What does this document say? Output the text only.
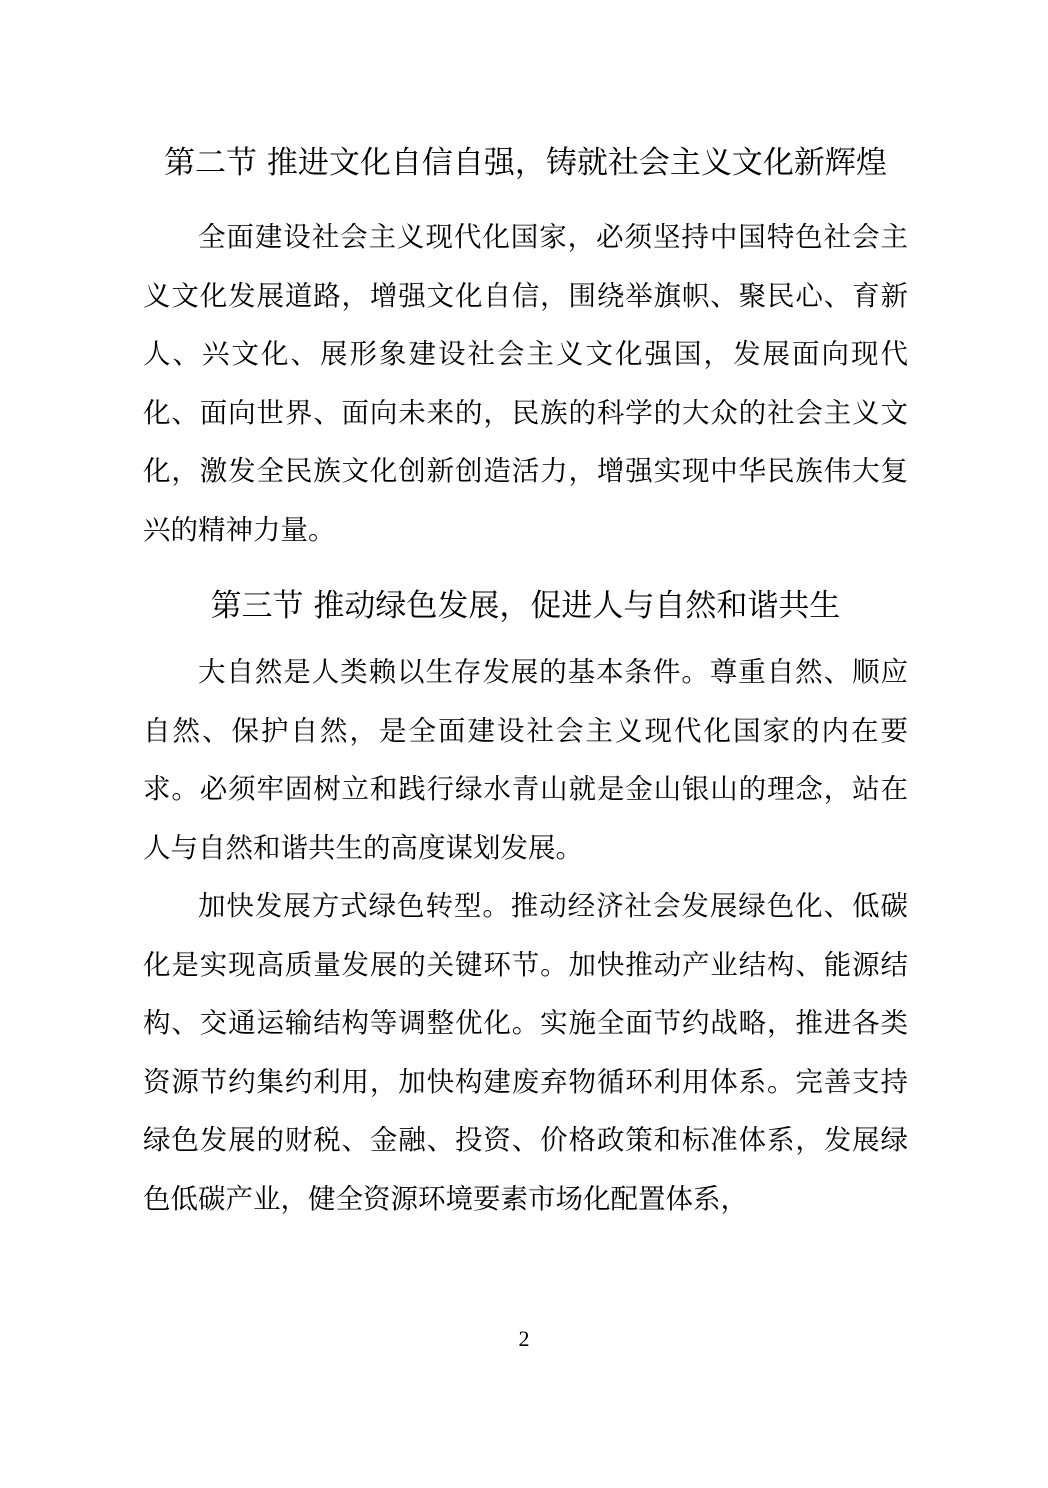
第二节 推进文化自信自强，铸就社会主义文化新辉煌

全面建设社会主义现代化国家，必须坚持中国特色社会主义文化发展道路，增强文化自信，围绕举旗帜、聚民心、育新人、兴文化、展形象建设社会主义文化强国，发展面向现代化、面向世界、面向未来的，民族的科学的大众的社会主义文化，激发全民族文化创新创造活力，增强实现中华民族伟大复兴的精神力量。

第三节 推动绿色发展，促进人与自然和谐共生

大自然是人类赖以生存发展的基本条件。尊重自然、顺应自然、保护自然，是全面建设社会主义现代化国家的内在要求。必须牢固树立和践行绿水青山就是金山银山的理念，站在人与自然和谐共生的高度谋划发展。

加快发展方式绿色转型。推动经济社会发展绿色化、低碳化是实现高质量发展的关键环节。加快推动产业结构、能源结构、交通运输结构等调整优化。实施全面节约战略，推进各类资源节约集约利用，加快构建废弃物循环利用体系。完善支持绿色发展的财税、金融、投资、价格政策和标准体系，发展绿色低碳产业，健全资源环境要素市场化配置体系，

2
